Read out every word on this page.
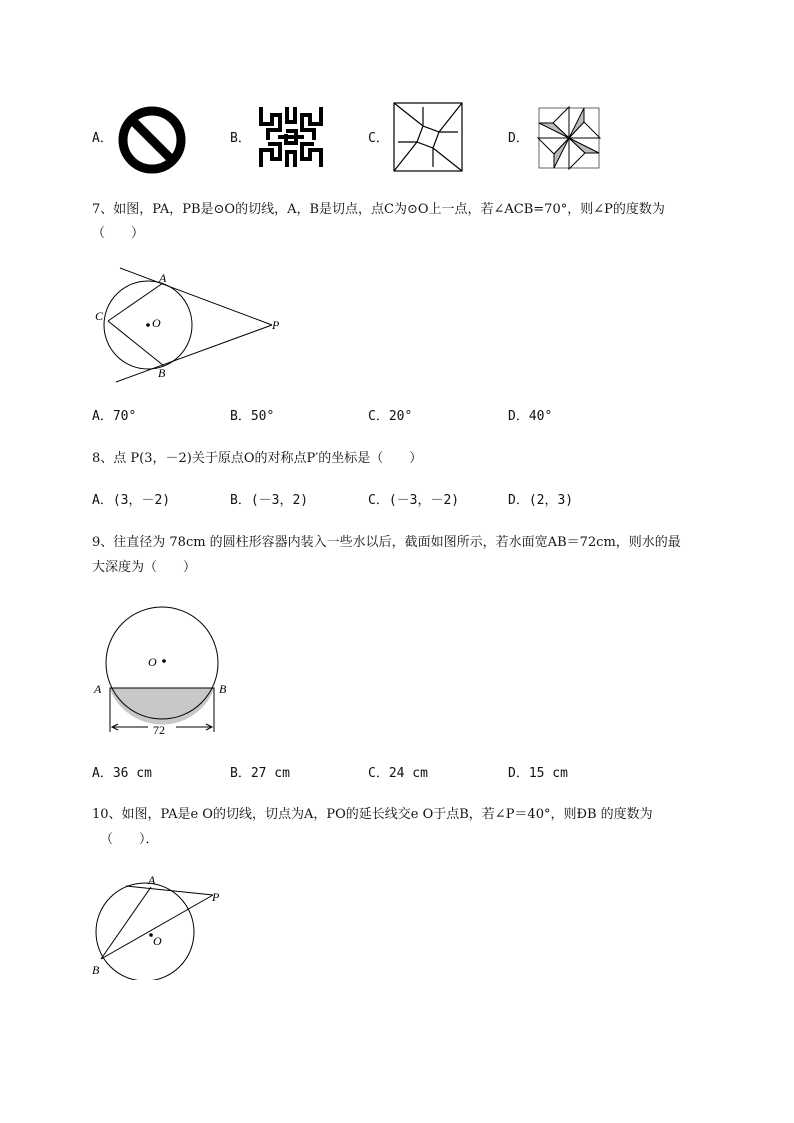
A．	B．	C．	D．
7、如图，PA，PB是⊙O的切线，A，B是切点，点C为⊙O上一点，若∠ACB=70°，则∠P的度数为
（　　）
A
B
C	O	P
A．70°	B．50°	C．20°	D．40°
8、点 P(3，－2)关于原点O的对称点P′的坐标是（　　）
A．(3，－2)	B．(－3，2)	C．(－3，－2)	D．(2，3)
9、往直径为 78cm 的圆柱形容器内装入一些水以后，截面如图所示，若水面宽AB＝72cm，则水的最
大深度为（　　）
O
A	B
72
A．36 cm	B．27 cm	C．24 cm	D．15 cm
10、如图，PA是e O的切线，切点为A，PO的延长线交e O于点B，若∠P＝40°，则ÐB 的度数为
（　　）．
A
B
O
P
